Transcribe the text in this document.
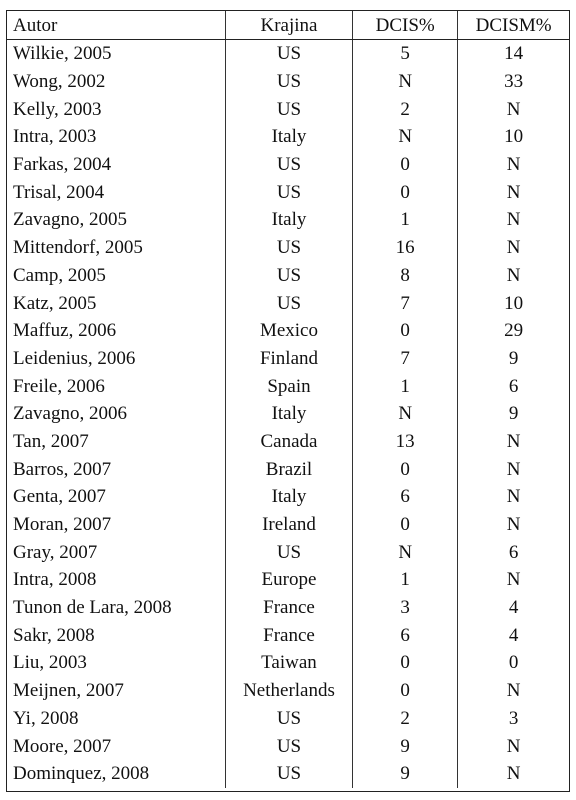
Autor	Krajina	DCIS%	DCISM%
Wilkie, 2005	US	5	14
Wong, 2002	US	N	33
Kelly, 2003	US	2	N
Intra, 2003	Italy	N	10
Farkas, 2004	US	0	N
Trisal, 2004	US	0	N
Zavagno, 2005	Italy	1	N
Mittendorf, 2005	US	16	N
Camp, 2005	US	8	N
Katz, 2005	US	7	10
Maffuz, 2006	Mexico	0	29
Leidenius, 2006	Finland	7	9
Freile, 2006	Spain	1	6
Zavagno, 2006	Italy	N	9
Tan, 2007	Canada	13	N
Barros, 2007	Brazil	0	N
Genta, 2007	Italy	6	N
Moran, 2007	Ireland	0	N
Gray, 2007	US	N	6
Intra, 2008	Europe	1	N
Tunon de Lara, 2008	France	3	4
Sakr, 2008	France	6	4
Liu, 2003	Taiwan	0	0
Meijnen, 2007	Netherlands	0	N
Yi, 2008	US	2	3
Moore, 2007	US	9	N
Dominquez, 2008	US	9	N
